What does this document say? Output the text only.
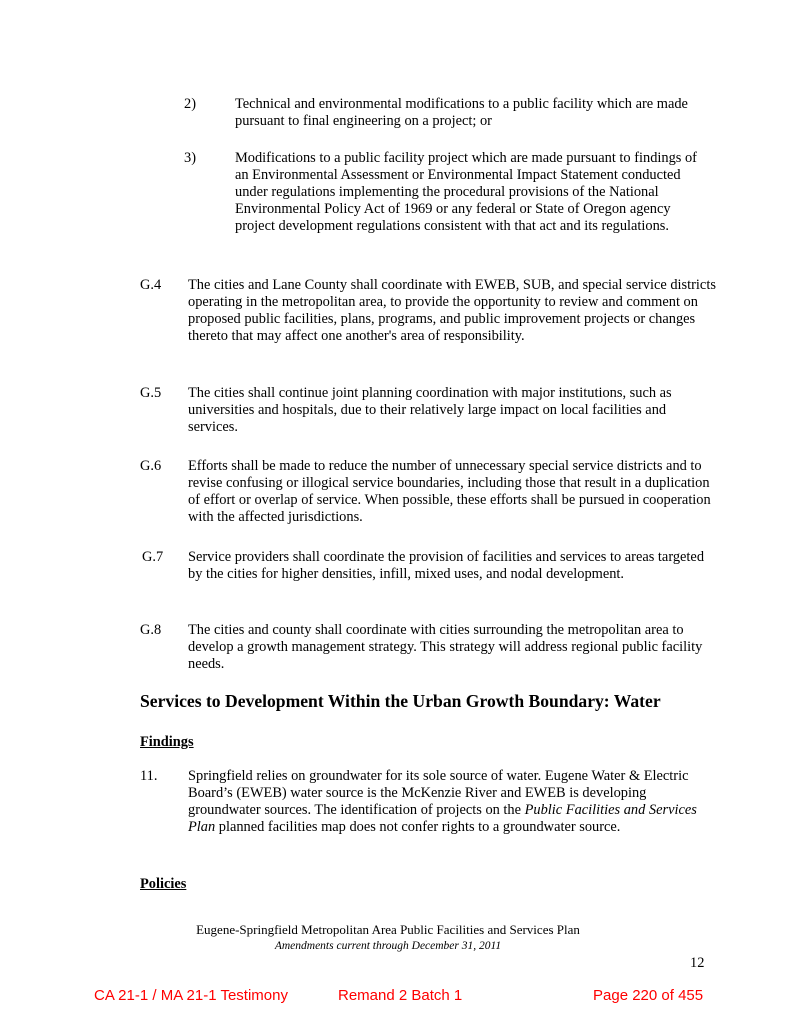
2)	Technical and environmental modifications to a public facility which are made pursuant to final engineering on a project; or
3)	Modifications to a public facility project which are made pursuant to findings of an Environmental Assessment or Environmental Impact Statement conducted under regulations implementing the procedural provisions of the National Environmental Policy Act of 1969 or any federal or State of Oregon agency project development regulations consistent with that act and its regulations.
G.4 The cities and Lane County shall coordinate with EWEB, SUB, and special service districts operating in the metropolitan area, to provide the opportunity to review and comment on proposed public facilities, plans, programs, and public improvement projects or changes thereto that may affect one another's area of responsibility.
G.5 The cities shall continue joint planning coordination with major institutions, such as universities and hospitals, due to their relatively large impact on local facilities and services.
G.6 Efforts shall be made to reduce the number of unnecessary special service districts and to revise confusing or illogical service boundaries, including those that result in a duplication of effort or overlap of service. When possible, these efforts shall be pursued in cooperation with the affected jurisdictions.
G.7 Service providers shall coordinate the provision of facilities and services to areas targeted by the cities for higher densities, infill, mixed uses, and nodal development.
G.8 The cities and county shall coordinate with cities surrounding the metropolitan area to develop a growth management strategy. This strategy will address regional public facility needs.
Services to Development Within the Urban Growth Boundary: Water
Findings
11. Springfield relies on groundwater for its sole source of water. Eugene Water & Electric Board’s (EWEB) water source is the McKenzie River and EWEB is developing groundwater sources. The identification of projects on the Public Facilities and Services Plan planned facilities map does not confer rights to a groundwater source.
Policies
Eugene-Springfield Metropolitan Area Public Facilities and Services Plan
Amendments current through December 31, 2011
12
CA 21-1 / MA 21-1 Testimony	Remand 2 Batch 1	Page 220 of 455
